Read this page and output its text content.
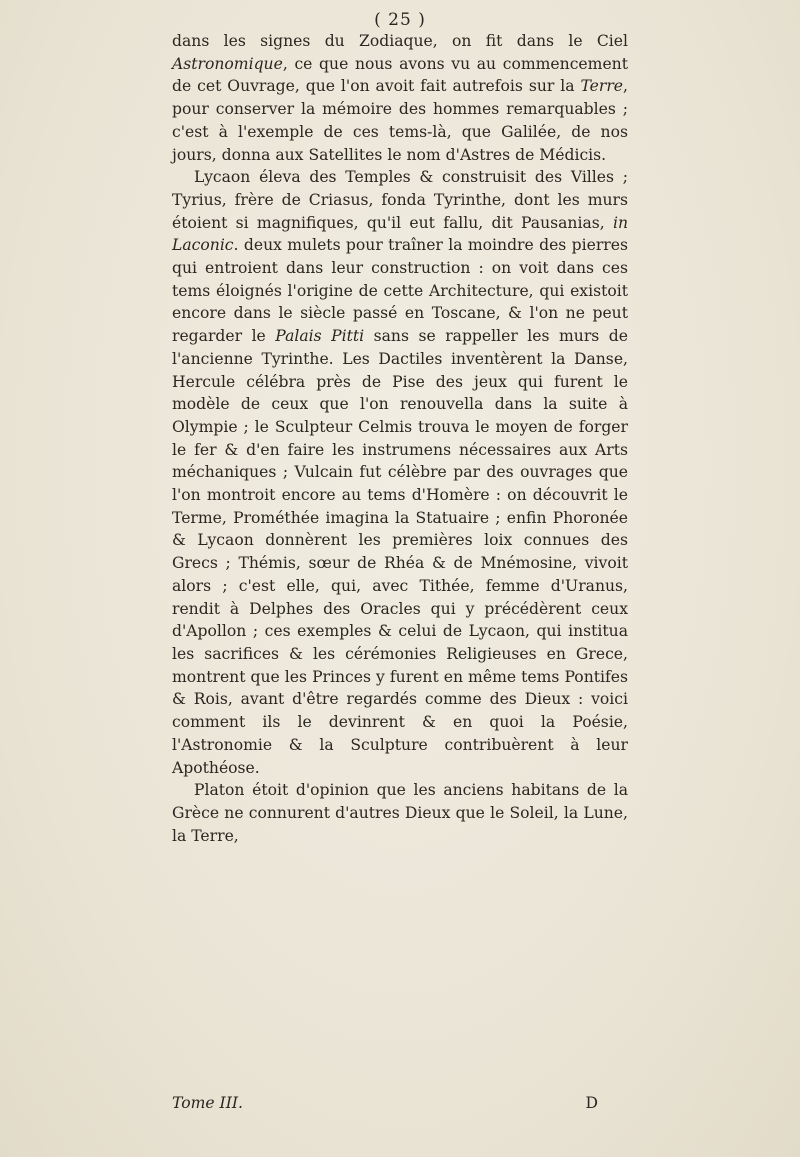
( 25 )

dans les signes du Zodiaque, on fit dans le Ciel Astronomique, ce que nous avons vu au commencement de cet Ouvrage, que l'on avoit fait autrefois sur la Terre, pour conserver la mémoire des hommes remarquables ; c'est à l'exemple de ces tems-là, que Galilée, de nos jours, donna aux Satellites le nom d'Astres de Médicis.

Lycaon éleva des Temples & construisit des Villes ; Tyrius, frère de Criasus, fonda Tyrinthe, dont les murs étoient si magnifiques, qu'il eut fallu, dit Pausanias, in Laconic. deux mulets pour traîner la moindre des pierres qui entroient dans leur construction : on voit dans ces tems éloignés l'origine de cette Architecture, qui existoit encore dans le siècle passé en Toscane, & l'on ne peut regarder le Palais Pitti sans se rappeller les murs de l'ancienne Tyrinthe. Les Dactiles inventèrent la Danse, Hercule célébra près de Pise des jeux qui furent le modèle de ceux que l'on renouvella dans la suite à Olympie ; le Sculpteur Celmis trouva le moyen de forger le fer & d'en faire les instrumens nécessaires aux Arts méchaniques ; Vulcain fut célèbre par des ouvrages que l'on montroit encore au tems d'Homère : on découvrit le Terme, Prométhée imagina la Statuaire ; enfin Phoronée & Lycaon donnèrent les premières loix connues des Grecs ; Thémis, sœur de Rhéa & de Mnémosine, vivoit alors ; c'est elle, qui, avec Tithée, femme d'Uranus, rendit à Delphes des Oracles qui y précédèrent ceux d'Apollon ; ces exemples & celui de Lycaon, qui institua les sacrifices & les cérémonies Religieuses en Grece, montrent que les Princes y furent en même tems Pontifes & Rois, avant d'être regardés comme des Dieux : voici comment ils le devinrent & en quoi la Poésie, l'Astronomie & la Sculpture contribuèrent à leur Apothéose.

Platon étoit d'opinion que les anciens habitans de la Grèce ne connurent d'autres Dieux que le Soleil, la Lune, la Terre,

Tome III.	D
